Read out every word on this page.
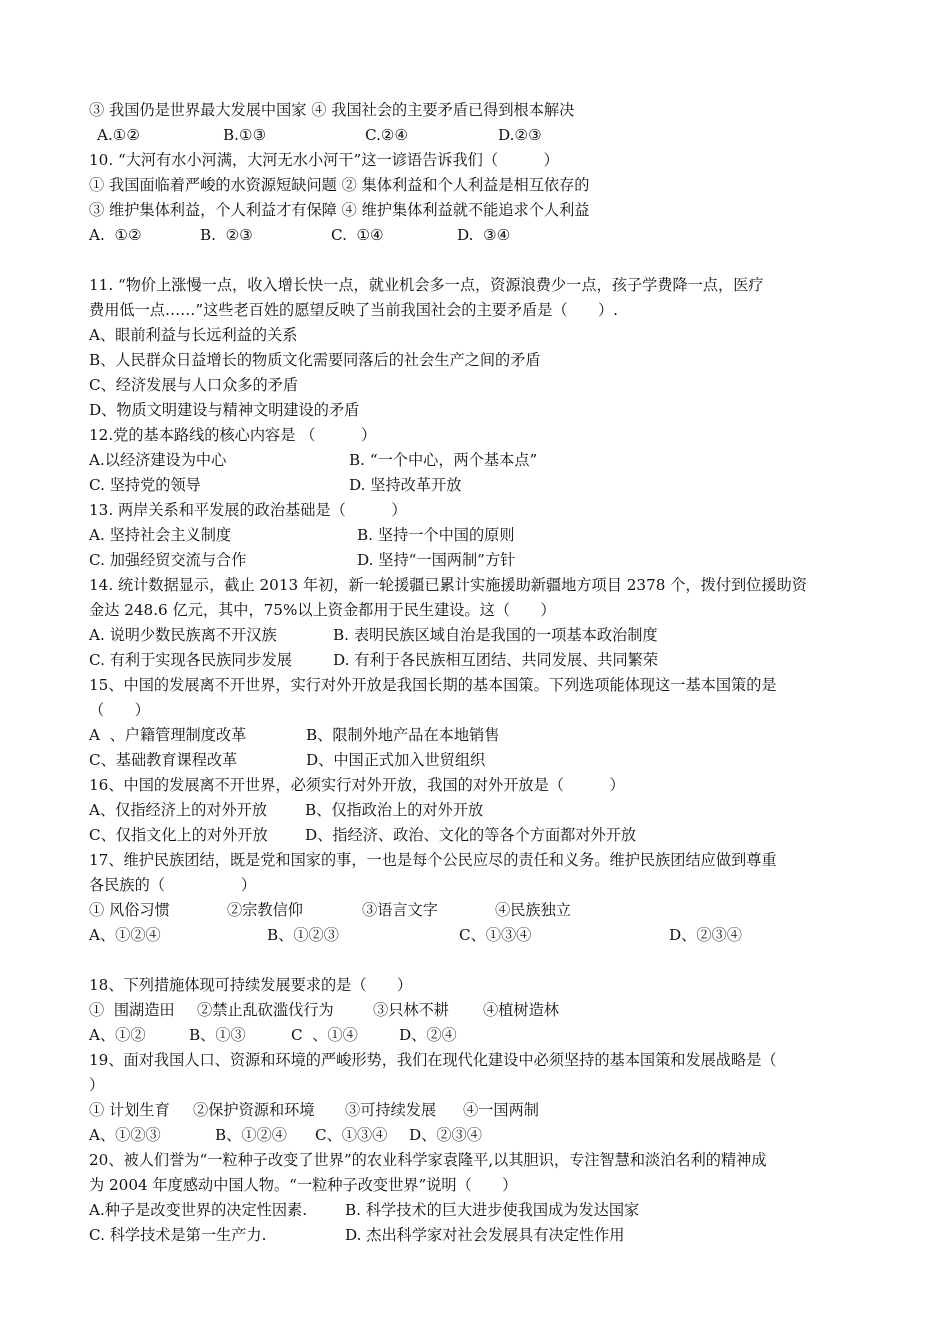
③ 我国仍是世界最大发展中国家 ④ 我国社会的主要矛盾已得到根本解决
A.①②	B.①③	C.②④	D.②③
10. “大河有水小河满，大河无水小河干”这一谚语告诉我们（　　　）
① 我国面临着严峻的水资源短缺问题 ② 集体利益和个人利益是相互依存的
③ 维护集体利益，个人利益才有保障 ④ 维护集体利益就不能追求个人利益
A.  ①②	B.  ②③	C.  ①④	D.  ③④
11. “物价上涨慢一点，收入增长快一点，就业机会多一点，资源浪费少一点，孩子学费降一点，医疗
费用低一点……”这些老百姓的愿望反映了当前我国社会的主要矛盾是（　　）.
A、眼前利益与长远利益的关系
B、人民群众日益增长的物质文化需要同落后的社会生产之间的矛盾
C、经济发展与人口众多的矛盾
D、物质文明建设与精神文明建设的矛盾
12.党的基本路线的核心内容是 （　　　）
A.以经济建设为中心	B. “一个中心，两个基本点”
C. 坚持党的领导	D. 坚持改革开放
13. 两岸关系和平发展的政治基础是（　　　）
A. 坚持社会主义制度	B. 坚持一个中国的原则
C. 加强经贸交流与合作	D. 坚持“一国两制”方针
14. 统计数据显示，截止 2013 年初，新一轮援疆已累计实施援助新疆地方项目 2378 个，拨付到位援助资
金达 248.6 亿元，其中，75%以上资金都用于民生建设。这（　　）
A. 说明少数民族离不开汉族	B. 表明民族区域自治是我国的一项基本政治制度
C. 有利于实现各民族同步发展	D. 有利于各民族相互团结、共同发展、共同繁荣
15、中国的发展离不开世界，实行对外开放是我国长期的基本国策。下列选项能体现这一基本国策的是
（　　）
A  、户籍管理制度改革	B、限制外地产品在本地销售
C、基础教育课程改革	D、中国正式加入世贸组织
16、中国的发展离不开世界，必须实行对外开放，我国的对外开放是（　　　）
A、仅指经济上的对外开放	B、仅指政治上的对外开放
C、仅指文化上的对外开放	D、指经济、政治、文化的等各个方面都对外开放
17、维护民族团结，既是党和国家的事，一也是每个公民应尽的责任和义务。维护民族团结应做到尊重
各民族的（　　　　　）
① 风俗习惯	②宗教信仰	③语言文字	④民族独立
A、①②④	B、①②③	C、①③④	D、②③④
18、下列措施体现可持续发展要求的是（　　）
①  围湖造田	②禁止乱砍滥伐行为	③只林不耕	④植树造林
A、①②	B、①③	C  、①④	D、②④
19、面对我国人口、资源和环境的严峻形势，我们在现代化建设中必须坚持的基本国策和发展战略是（
）
① 计划生育	②保护资源和环境	③可持续发展	④一国两制
A、①②③	B、①②④	C、①③④	D、②③④
20、被人们誉为“一粒种子改变了世界”的农业科学家袁隆平,以其胆识，专注智慧和淡泊名利的精神成
为 2004 年度感动中国人物。“一粒种子改变世界”说明（　　）
A.种子是改变世界的决定性因素.	B. 科学技术的巨大进步使我国成为发达国家
C. 科学技术是第一生产力.	D. 杰出科学家对社会发展具有决定性作用
